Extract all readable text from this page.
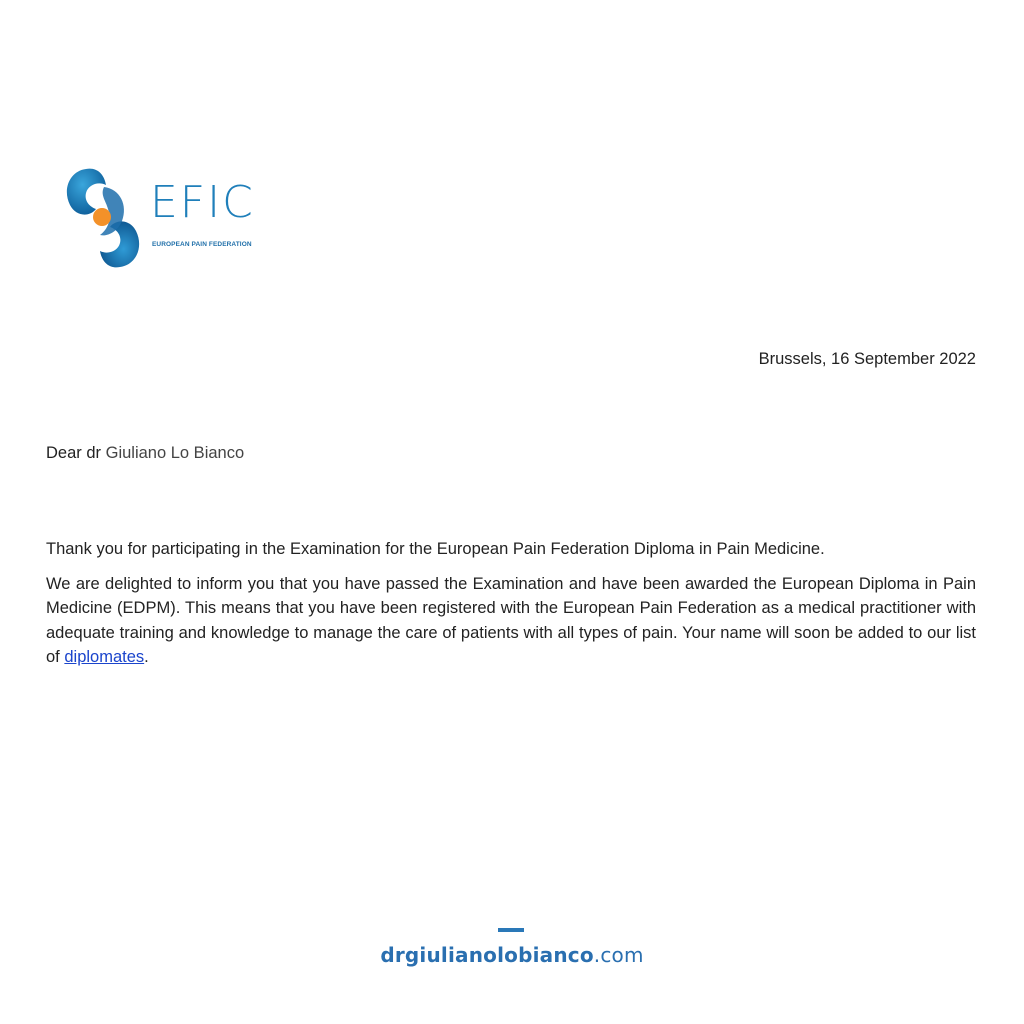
EFIC
EUROPEAN PAIN FEDERATION
Brussels, 16 September 2022
Dear dr Giuliano Lo Bianco

Thank you for participating in the Examination for the European Pain Federation Diploma in Pain Medicine.

We are delighted to inform you that you have passed the Examination and have been awarded the European Diploma in Pain Medicine (EDPM). This means that you have been registered with the European Pain Federation as a medical practitioner with adequate training and knowledge to manage the care of patients with all types of pain. Your name will soon be added to our list of diplomates.

drgiulianolobianco.com
